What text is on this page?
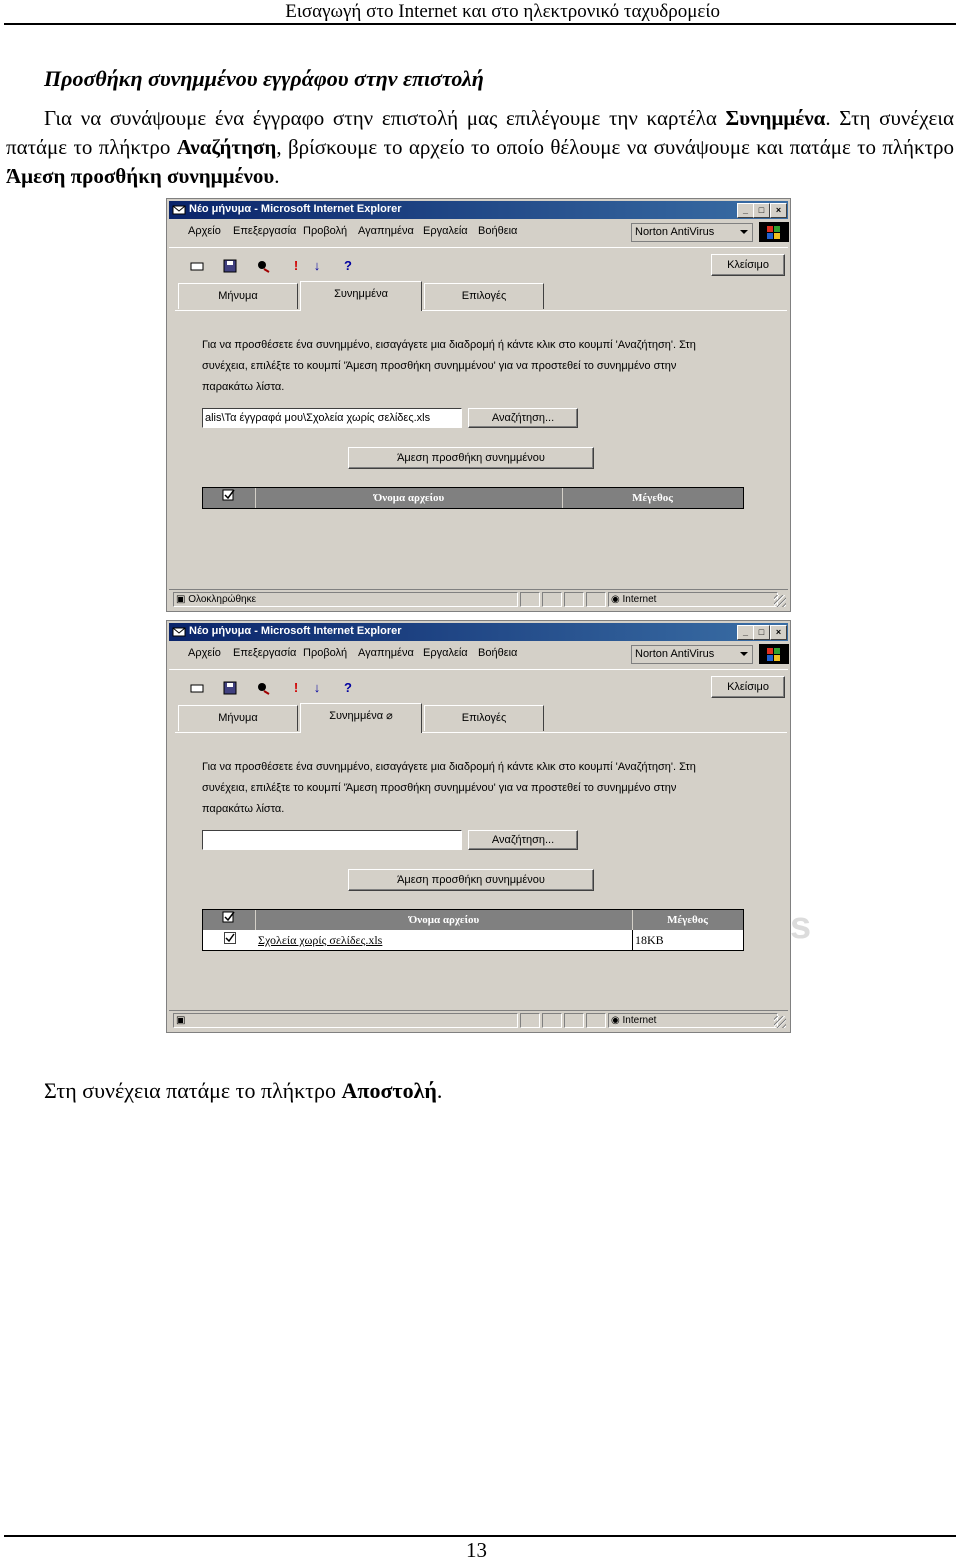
Εισαγωγή στο Internet και στο ηλεκτρονικό ταχυδρομείο
Προσθήκη συνημμένου εγγράφου στην επιστολή
Για να συνάψουμε ένα έγγραφο στην επιστολή μας επιλέγουμε την καρτέλα Συνημμένα. Στη συνέχεια πατάμε το πλήκτρο Αναζήτηση, βρίσκουμε το αρχείο το οποίο θέλουμε να συνάψουμε και πατάμε το πλήκτρο Άμεση προσθήκη συνημμένου.
Νέο μήνυμα - Microsoft Internet Explorer	_	□	×
Αρχείο Επεξεργασία Προβολή Αγαπημένα Εργαλεία Βοήθεια	Norton AntiVirus
!	↓	?	Κλείσιμο
Μήνυμα	Συνημμένα	Επιλογές
Για να προσθέσετε ένα συνημμένο, εισαγάγετε μια διαδρομή ή κάντε κλικ στο κουμπί 'Αναζήτηση'. Στη συνέχεια, επιλέξτε το κουμπί 'Άμεση προσθήκη συνημμένου' για να προστεθεί το συνημμένο στην παρακάτω λίστα.
alis\Τα έγγραφά μου\Σχολεία χωρίς σελίδες.xls	Αναζήτηση...
Άμεση προσθήκη συνημμένου
Όνομα αρχείου	Μέγεθος
▣ Ολοκληρώθηκε	◉ Internet
Νέο μήνυμα - Microsoft Internet Explorer	_	□	×
Αρχείο Επεξεργασία Προβολή Αγαπημένα Εργαλεία Βοήθεια	Norton AntiVirus
!	↓	?	Κλείσιμο
Μήνυμα	Συνημμένα ⌀	Επιλογές
Για να προσθέσετε ένα συνημμένο, εισαγάγετε μια διαδρομή ή κάντε κλικ στο κουμπί 'Αναζήτηση'. Στη συνέχεια, επιλέξτε το κουμπί 'Άμεση προσθήκη συνημμένου' για να προστεθεί το συνημμένο στην παρακάτω λίστα.
Αναζήτηση...
Άμεση προσθήκη συνημμένου
Όνομα αρχείου	Μέγεθος
Σχολεία χωρίς σελίδες.xls	18KB
▣	◉ Internet
s
Στη συνέχεια πατάμε το πλήκτρο Αποστολή.
13
